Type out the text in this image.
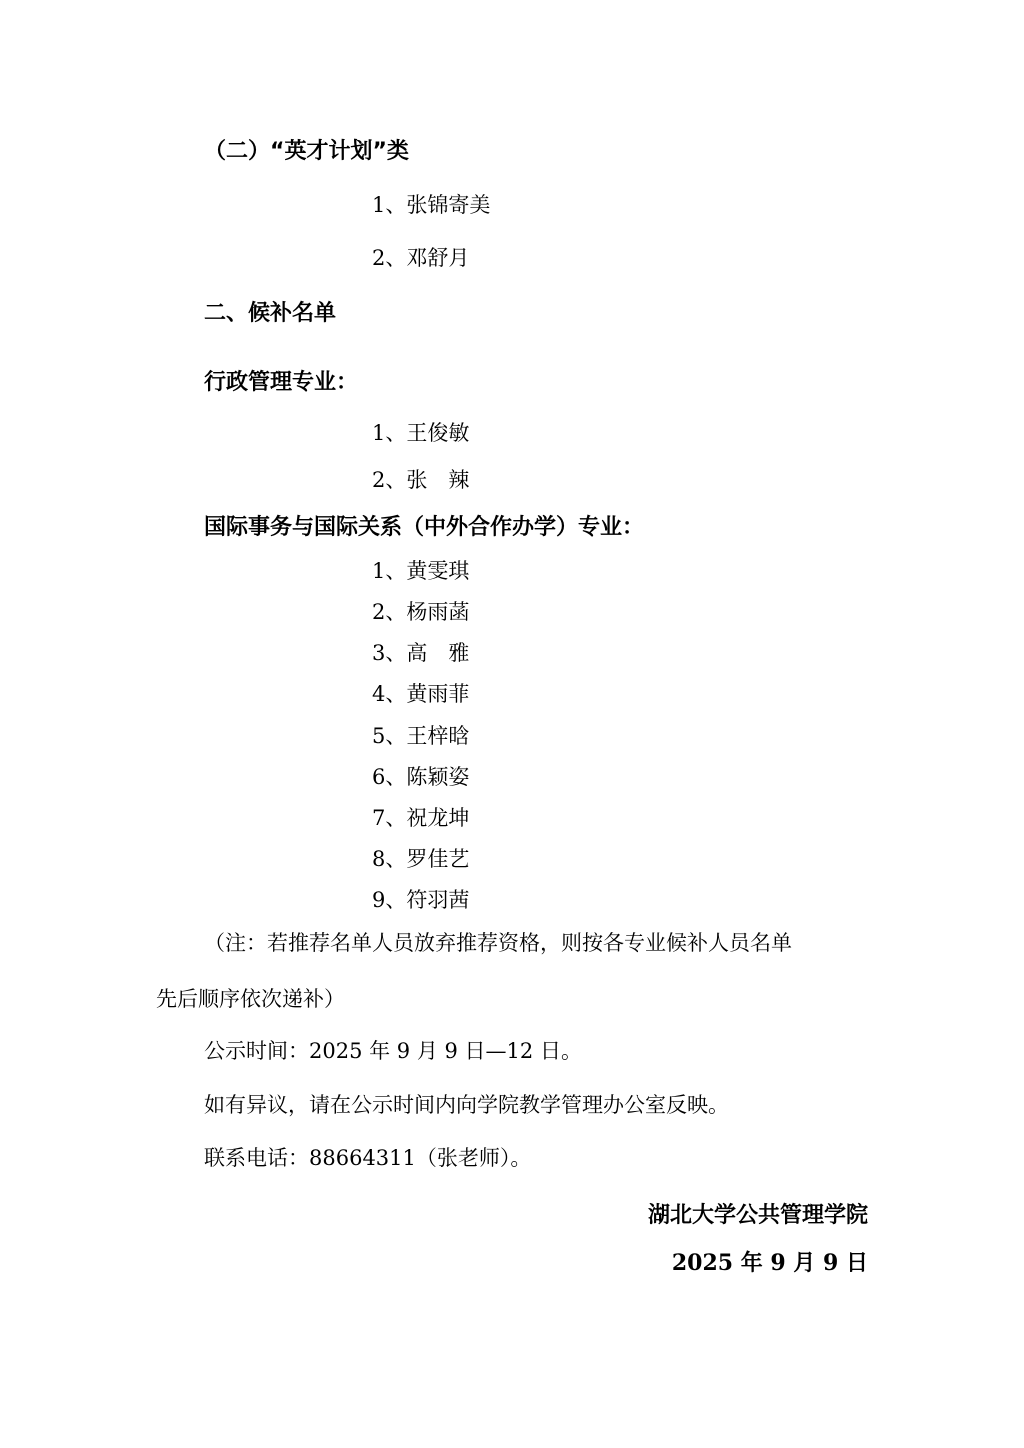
（二）“英才计划”类
1、张锦寄美
2、邓舒月
二、候补名单
行政管理专业：
1、王俊敏
2、张　辣
国际事务与国际关系（中外合作办学）专业：
1、黄雯琪
2、杨雨菡
3、高　雅
4、黄雨菲
5、王梓晗
6、陈颖姿
7、祝龙坤
8、罗佳艺
9、符羽茜
（注：若推荐名单人员放弃推荐资格，则按各专业候补人员名单
先后顺序依次递补）
公示时间：2025 年 9 月 9 日—12 日。
如有异议，请在公示时间内向学院教学管理办公室反映。
联系电话：88664311（张老师）。
湖北大学公共管理学院
2025 年 9 月 9 日
